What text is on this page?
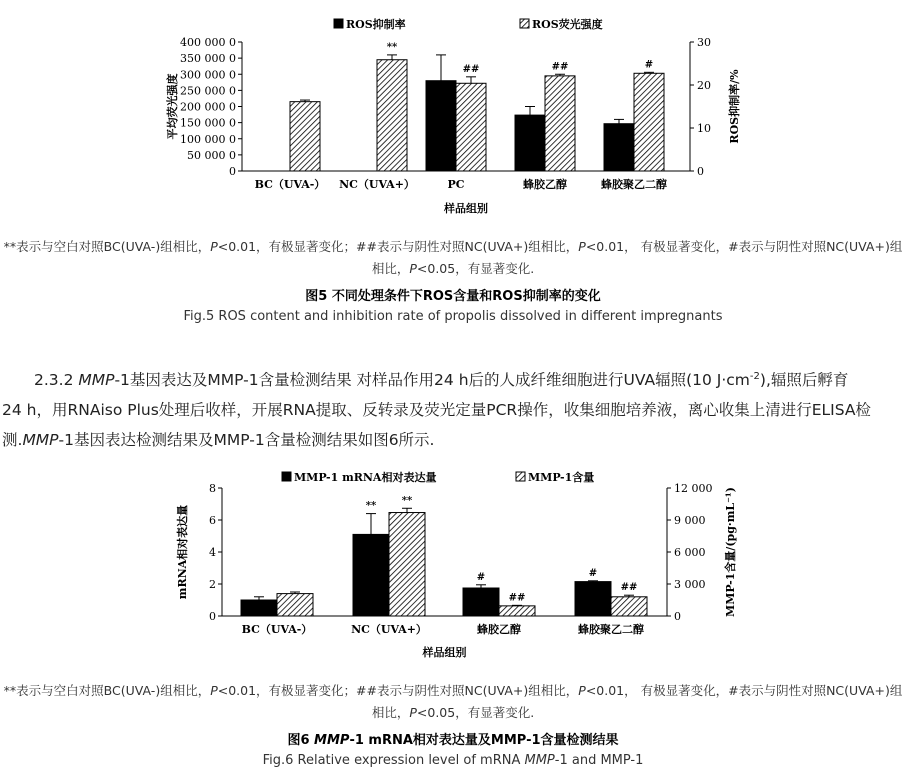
0
50 000 0
100 000 0
150 000 0
200 000 0
250 000 0
300 000 0
350 000 0
400 000 0
0
10
20
30
平均荧光强度	ROS抑制率/%
样品组别
ROS抑制率	ROS荧光强度
BC（UVA-） NC（UVA+）	PC	蜂胶乙醇	蜂胶聚乙二醇
**
##	##	#
**表示与空白对照BC(UVA-)组相比，P<0.01，有极显著变化；##表示与阴性对照NC(UVA+)组相比，P<0.01， 有极显著变化，#表示与阴性对照NC(UVA+)组
相比，P<0.05，有显著变化.
图5 不同处理条件下ROS含量和ROS抑制率的变化
Fig.5 ROS content and inhibition rate of propolis dissolved in different impregnants
2.3.2 MMP-1基因表达及MMP-1含量检测结果 对样品作用24 h后的人成纤维细胞进行UVA辐照(10 $J\cdot cm^{-2}$),辐照后孵育
24 h，用RNAiso Plus处理后收样，开展RNA提取、反转录及荧光定量PCR操作，收集细胞培养液，离心收集上清进行ELISA检
测.MMP-1基因表达检测结果及MMP-1含量检测结果如图6所示.
0
2
4
6
8
0
3 000
6 000
9 000
12 000
mRNA相对表达量	MMP-1含量/(pg·mL⁻¹)
样品组别
MMP-1 mRNA相对表达量	MMP-1含量
BC（UVA-）	NC（UVA+）	蜂胶乙醇	蜂胶聚乙二醇
**	**
#
##
#
##
**表示与空白对照BC(UVA-)组相比，P<0.01，有极显著变化；##表示与阴性对照NC(UVA+)组相比，P<0.01， 有极显著变化，#表示与阴性对照NC(UVA+)组
相比，P<0.05，有显著变化.
图6 MMP-1 mRNA相对表达量及MMP-1含量检测结果
Fig.6 Relative expression level of mRNA MMP-1 and MMP-1
